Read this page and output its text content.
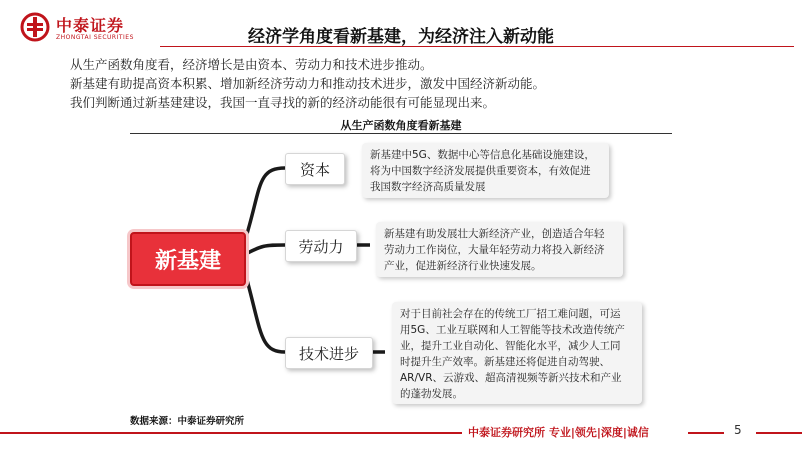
中泰证券
ZHONGTAI SECURITIES	经济学角度看新基建，为经济注入新动能
从生产函数角度看，经济增长是由资本、劳动力和技术进步推动。
新基建有助提高资本积累、增加新经济劳动力和推动技术进步，激发中国经济新动能。
我们判断通过新基建建设，我国一直寻找的新的经济动能很有可能显现出来。
从生产函数角度看新基建
新基建
资本
新基建中5G、数据中心等信息化基础设施建设，
将为中国数字经济发展提供重要资本，有效促进
我国数字经济高质量发展
劳动力
新基建有助发展壮大新经济产业，创造适合年轻
劳动力工作岗位，大量年轻劳动力将投入新经济
产业，促进新经济行业快速发展。
技术进步
对于目前社会存在的传统工厂招工难问题，可运
用5G、工业互联网和人工智能等技术改造传统产
业，提升工业自动化、智能化水平，减少人工同
时提升生产效率。新基建还将促进自动驾驶、
AR/VR、云游戏、超高清视频等新兴技术和产业
的蓬勃发展。
数据来源：中泰证券研究所
中泰证券研究所 专业|领先|深度|诚信	5
